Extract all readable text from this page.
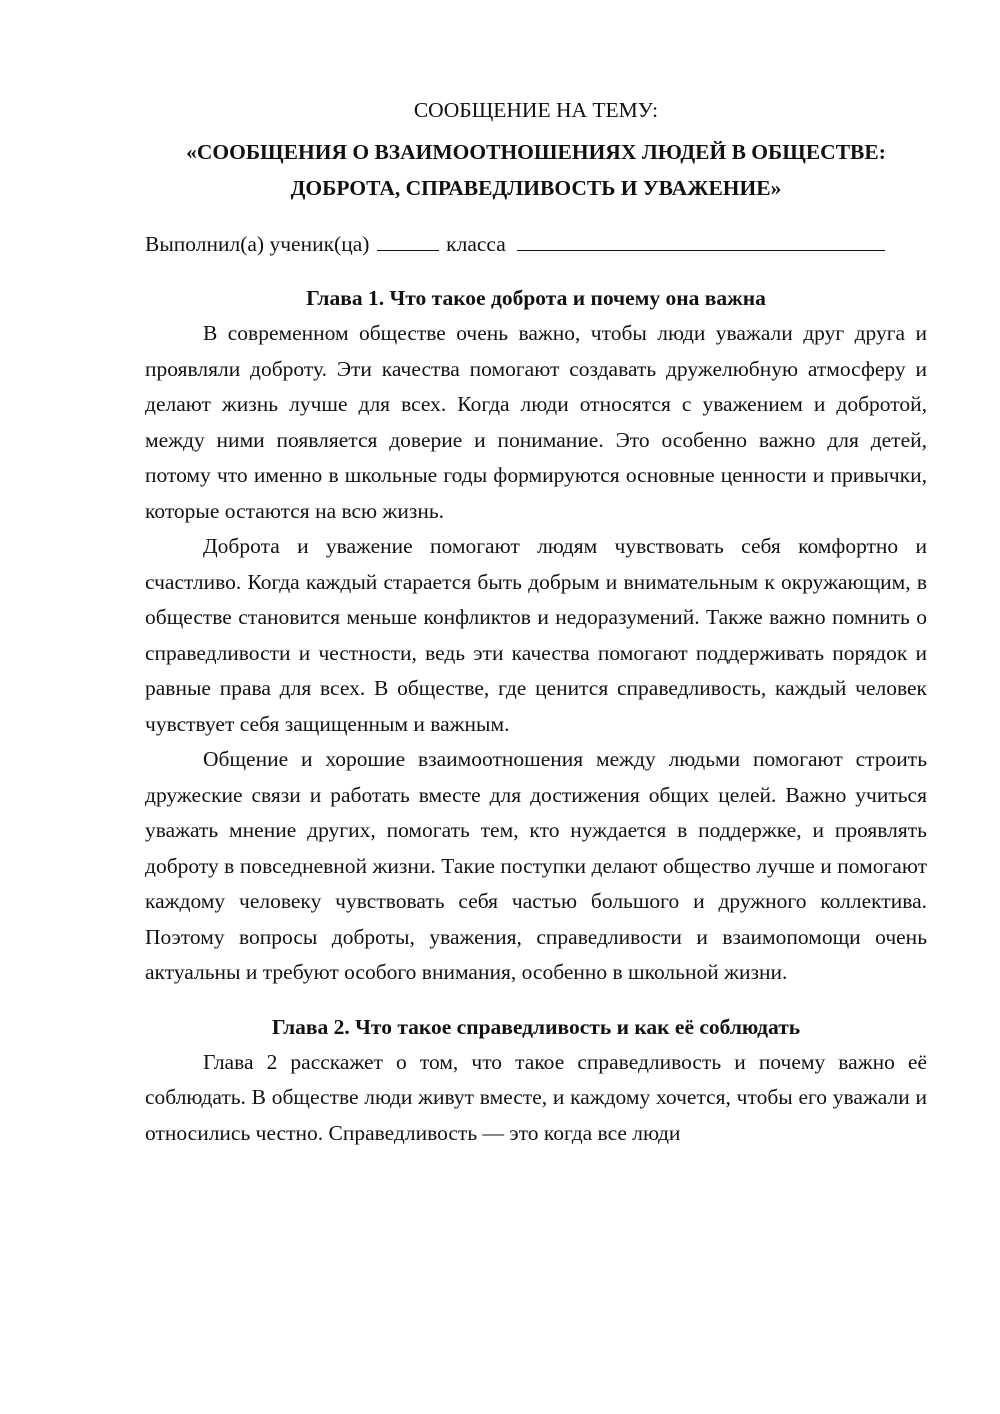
СООБЩЕНИЕ НА ТЕМУ:

«СООБЩЕНИЯ О ВЗАИМООТНОШЕНИЯХ ЛЮДЕЙ В ОБЩЕСТВЕ:
ДОБРОТА, СПРАВЕДЛИВОСТЬ И УВАЖЕНИЕ»
Выполнил(а) ученик(ца)	класса
Глава 1. Что такое доброта и почему она важна

В современном обществе очень важно, чтобы люди уважали друг друга и проявляли доброту. Эти качества помогают создавать дружелюбную атмосферу и делают жизнь лучше для всех. Когда люди относятся с уважением и добротой, между ними появляется доверие и понимание. Это особенно важно для детей, потому что именно в школьные годы формируются основные ценности и привычки, которые остаются на всю жизнь.

Доброта и уважение помогают людям чувствовать себя комфортно и счастливо. Когда каждый старается быть добрым и внимательным к окружающим, в обществе становится меньше конфликтов и недоразумений. Также важно помнить о справедливости и честности, ведь эти качества помогают поддерживать порядок и равные права для всех. В обществе, где ценится справедливость, каждый человек чувствует себя защищенным и важным.

Общение и хорошие взаимоотношения между людьми помогают строить дружеские связи и работать вместе для достижения общих целей. Важно учиться уважать мнение других, помогать тем, кто нуждается в поддержке, и проявлять доброту в повседневной жизни. Такие поступки делают общество лучше и помогают каждому человеку чувствовать себя частью большого и дружного коллектива. Поэтому вопросы доброты, уважения, справедливости и взаимопомощи очень актуальны и требуют особого внимания, особенно в школьной жизни.

Глава 2. Что такое справедливость и как её соблюдать

Глава 2 расскажет о том, что такое справедливость и почему важно её соблюдать. В обществе люди живут вместе, и каждому хочется, чтобы его уважали и относились честно. Справедливость — это когда все люди
